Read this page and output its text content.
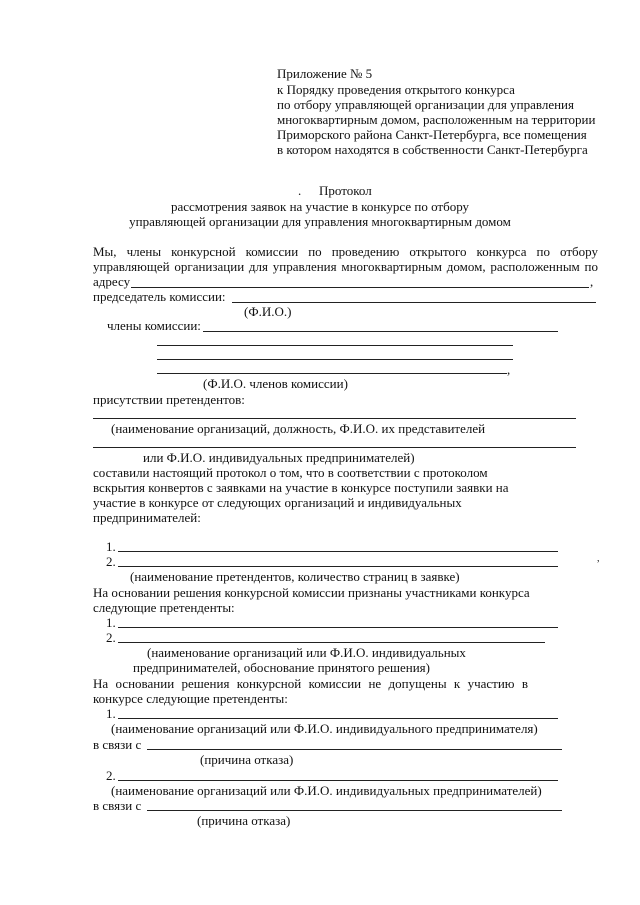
Приложение № 5
к Порядку проведения открытого конкурса
по отбору управляющей организации для управления
многоквартирным домом, расположенным на территории
Приморского района Санкт-Петербурга, все помещения
в котором находятся в собственности Санкт-Петербурга
. Протокол
рассмотрения заявок на участие в конкурсе по отбору
управляющей организации для управления многоквартирным домом
Мы, члены конкурсной комиссии по проведению открытого конкурса по отбору
управляющей организации для управления многоквартирным домом, расположенным по
адресу	,
председатель комиссии:
(Ф.И.О.)
члены комиссии:
,
(Ф.И.О. членов комиссии)
присутствии претендентов:
(наименование организаций, должность, Ф.И.О. их представителей
или Ф.И.О. индивидуальных предпринимателей)
составили настоящий протокол о том, что в соответствии с протоколом
вскрытия конвертов с заявками на участие в конкурсе поступили заявки на
участие в конкурсе от следующих организаций и индивидуальных
предпринимателей:
1.
2.
(наименование претендентов, количество страниц в заявке)
,
На основании решения конкурсной комиссии признаны участниками конкурса
следующие претенденты:
1.
2.
(наименование организаций или Ф.И.О. индивидуальных
предпринимателей, обоснование принятого решения)
На основании решения конкурсной комиссии не допущены к участию в
конкурсе следующие претенденты:
1.
(наименование организаций или Ф.И.О. индивидуального предпринимателя)
в связи с
(причина отказа)
2.
(наименование организаций или Ф.И.О. индивидуальных предпринимателей)
в связи с
(причина отказа)
